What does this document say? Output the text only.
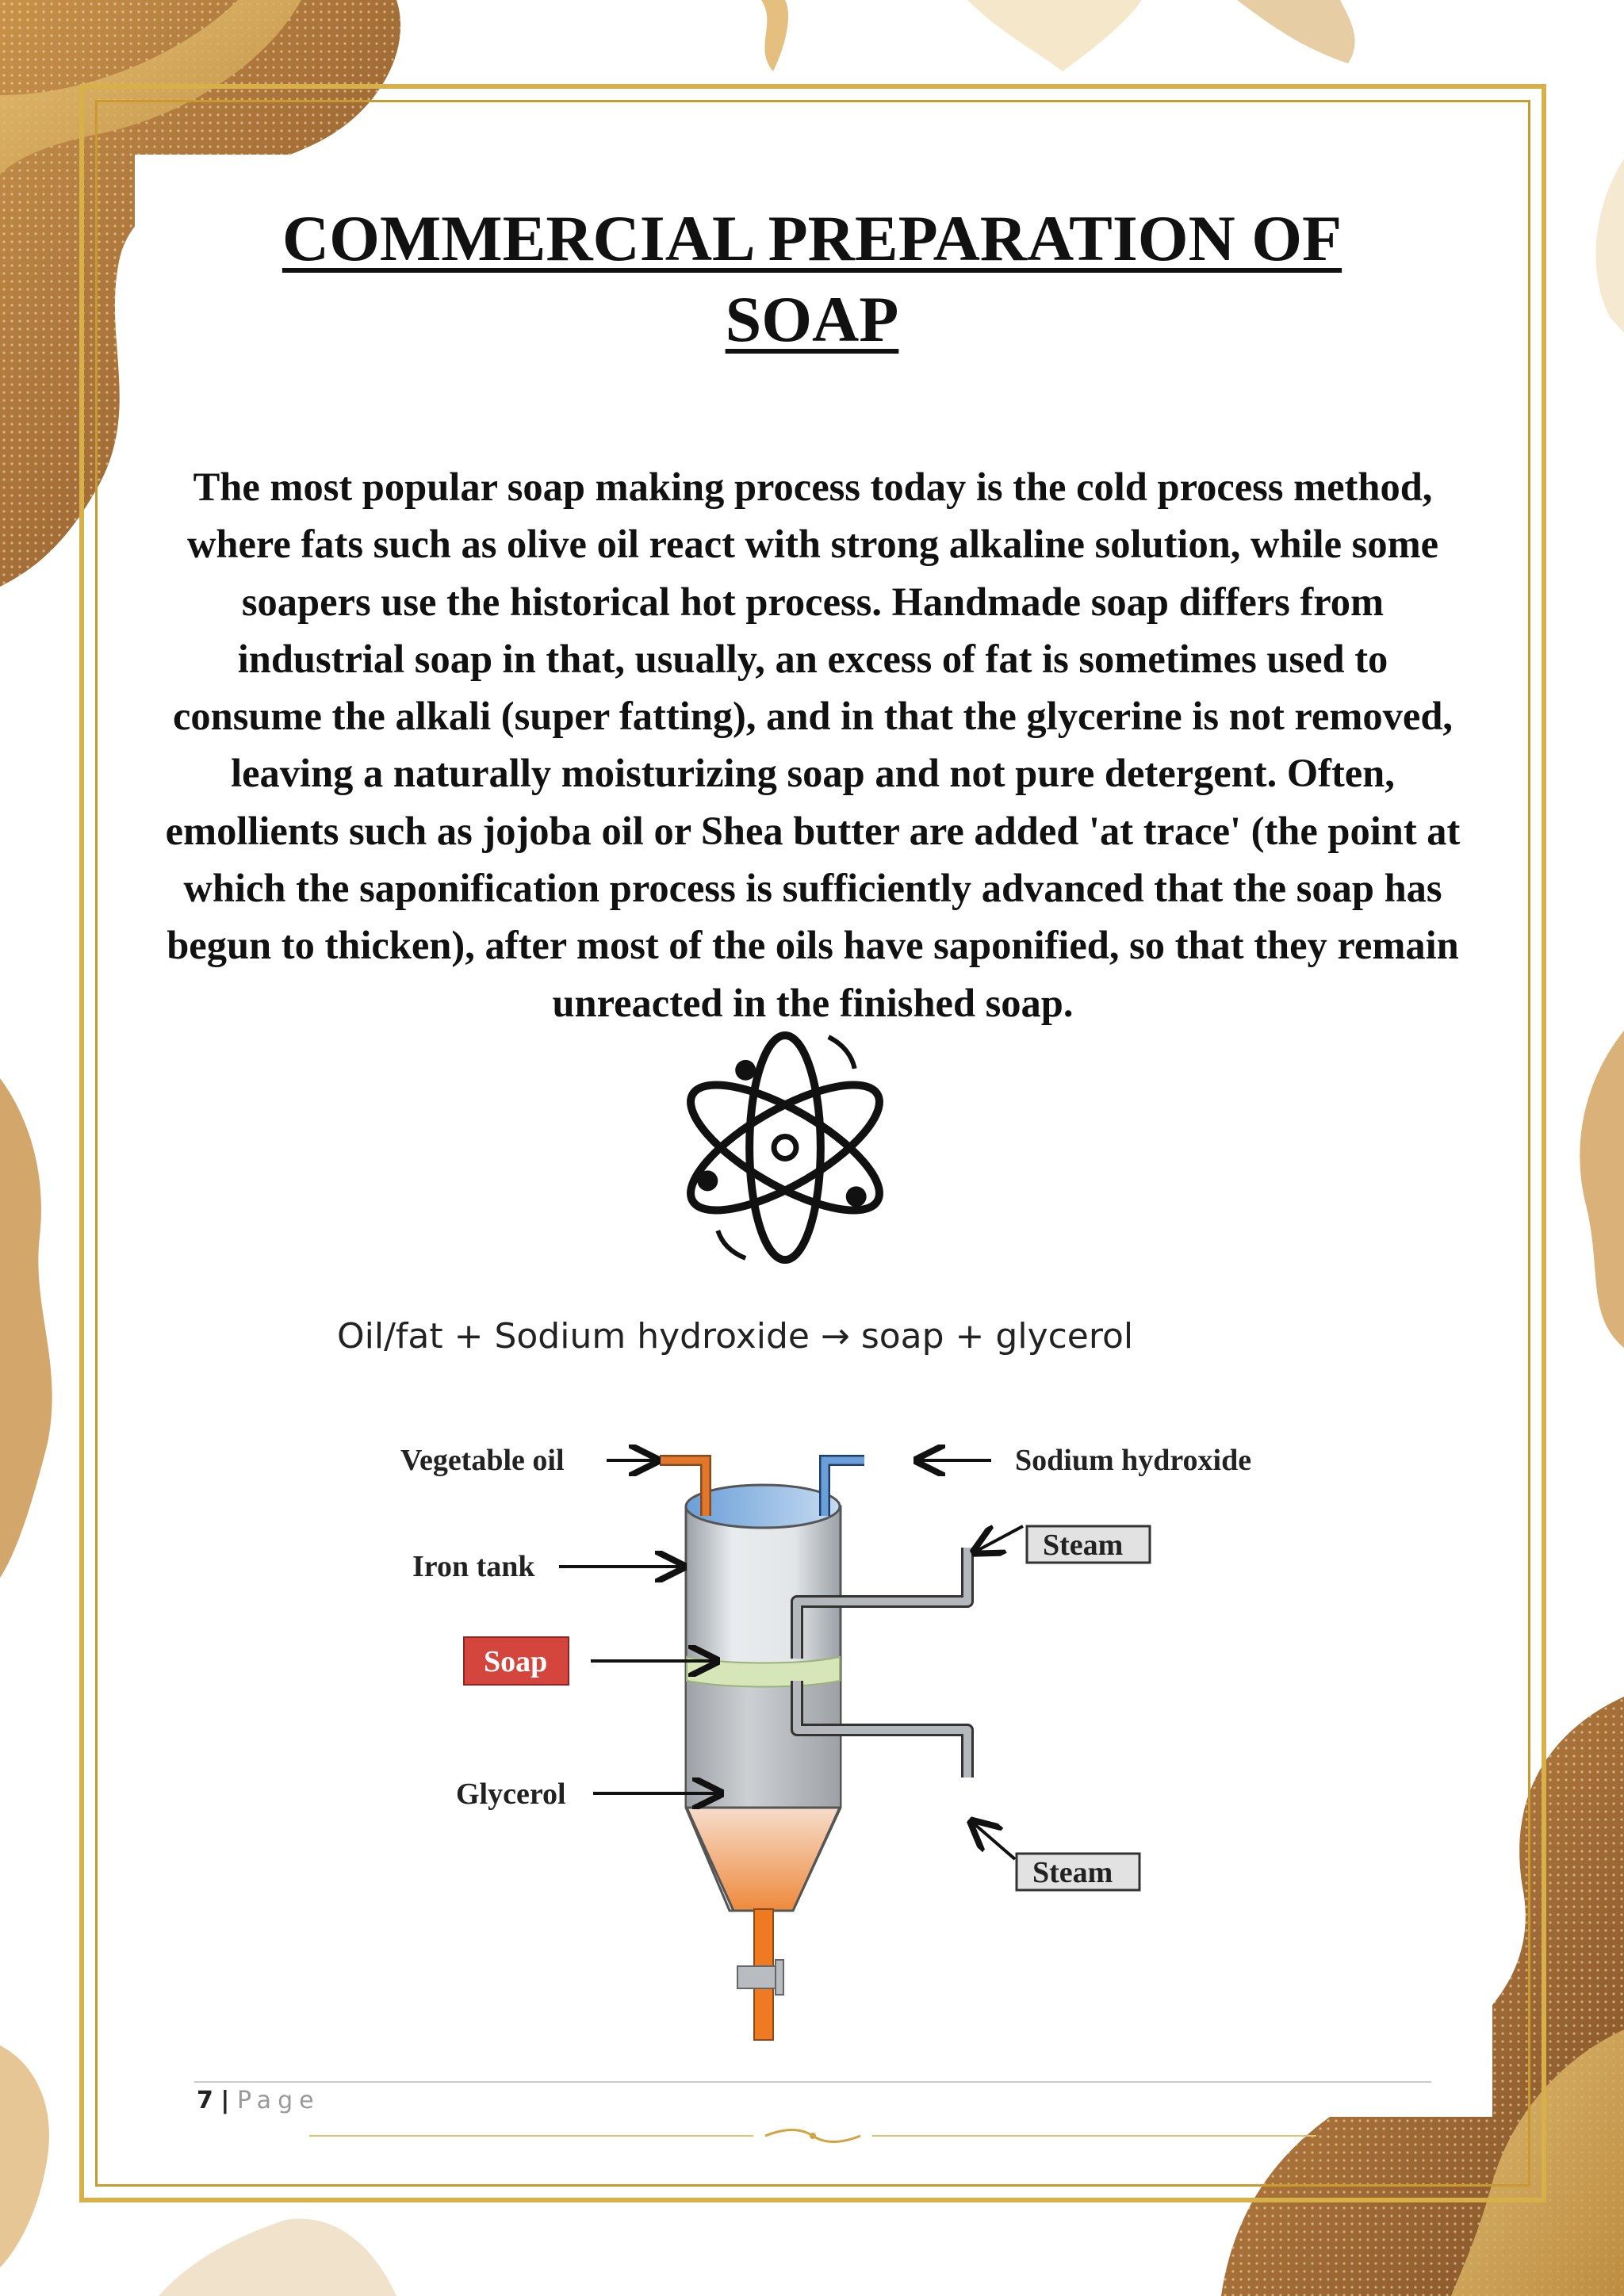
COMMERCIAL PREPARATION OF
SOAP

The most popular soap making process today is the cold process method, where fats such as olive oil react with strong alkaline solution, while some soapers use the historical hot process. Handmade soap differs from industrial soap in that, usually, an excess of fat is sometimes used to consume the alkali (super fatting), and in that the glycerine is not removed, leaving a naturally moisturizing soap and not pure detergent. Often, emollients such as jojoba oil or Shea butter are added 'at trace' (the point at which the saponification process is sufficiently advanced that the soap has begun to thicken), after most of the oils have saponified, so that they remain unreacted in the finished soap.

Oil/fat + Sodium hydroxide → soap + glycerol
Vegetable oil	Sodium hydroxide
Iron tank
Steam
Soap
Glycerol
Steam
7 | Page
